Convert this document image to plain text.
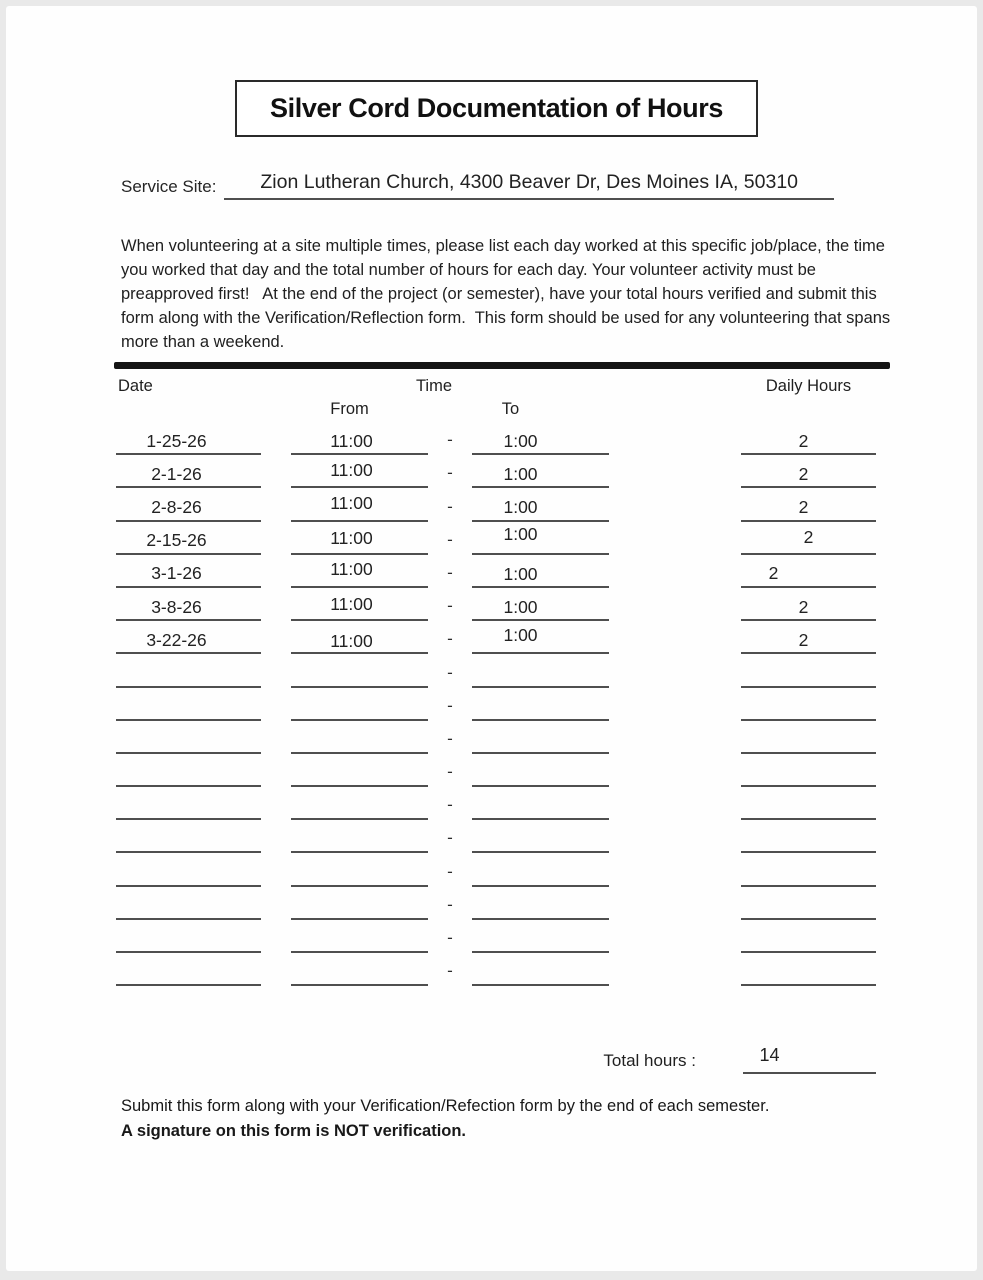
Silver Cord Documentation of Hours
Service Site: Zion Lutheran Church, 4300 Beaver Dr, Des Moines IA, 50310

When volunteering at a site multiple times, please list each day worked at this specific job/place, the time you worked that day and the total number of hours for each day. Your volunteer activity must be preapproved first!   At the end of the project (or semester), have your total hours verified and submit this form along with the Verification/Reflection form.  This form should be used for any volunteering that spans more than a weekend.

Date	Time	Daily Hours
From	To
1-25-26	11:00	-	1:00	2
2-1-26	11:00	-	1:00	2
2-8-26	11:00	-	1:00	2
2-15-26	11:00	-	1:00	2
3-1-26	11:00	-	1:00	2
3-8-26	11:00	-	1:00	2
3-22-26	11:00	-	1:00	2
-
-
-
-
-
-
-
-
-
-
Total hours :	14

Submit this form along with your Verification/Refection form by the end of each semester.

A signature on this form is NOT verification.
